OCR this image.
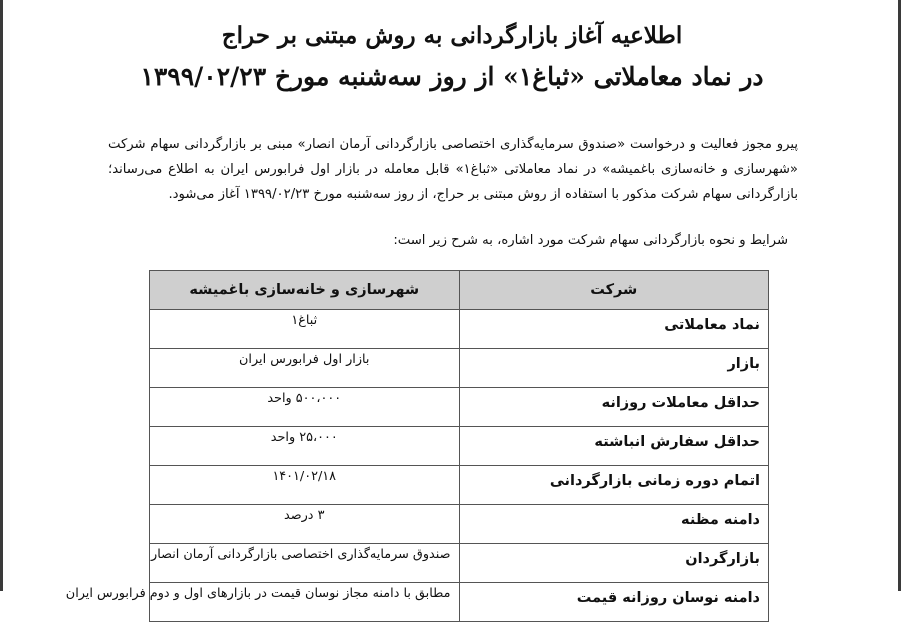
اطلاعیه آغاز بازارگردانی به روش مبتنی بر حراج
در نماد معاملاتی «ثباغ۱» از روز سه‌شنبه مورخ ۱۳۹۹/۰۲/۲۳
پیرو مجوز فعالیت و درخواست «صندوق سرمایه‌گذاری اختصاصی بازارگردانی آرمان انصار» مبنی بر بازارگردانی سهام شرکت «شهرسازی و خانه‌سازی باغمیشه» در نماد معاملاتی «ثباغ۱» قابل معامله در بازار اول فرابورس ایران به اطلاع می‌رساند؛ بازارگردانی سهام شرکت مذکور با استفاده از روش مبتنی بر حراج، از روز سه‌شنبه مورخ ۱۳۹۹/۰۲/۲۳ آغاز می‌شود.
شرایط و نحوه بازارگردانی سهام شرکت مورد اشاره، به شرح زیر است:
شرکت	شهرسازی و خانه‌سازی باغمیشه
نماد معاملاتی	ثباغ۱
بازار	بازار اول فرابورس ایران
حداقل معاملات روزانه	۵۰۰،۰۰۰ واحد
حداقل سفارش انباشته	۲۵،۰۰۰ واحد
اتمام دوره زمانی بازارگردانی	۱۴۰۱/۰۲/۱۸
دامنه مظنه	۳ درصد
بازارگردان	صندوق سرمایه‌گذاری اختصاصی بازارگردانی آرمان انصار
دامنه نوسان روزانه قیمت	مطابق با دامنه مجاز نوسان قیمت در بازارهای اول و دوم فرابورس ایران
